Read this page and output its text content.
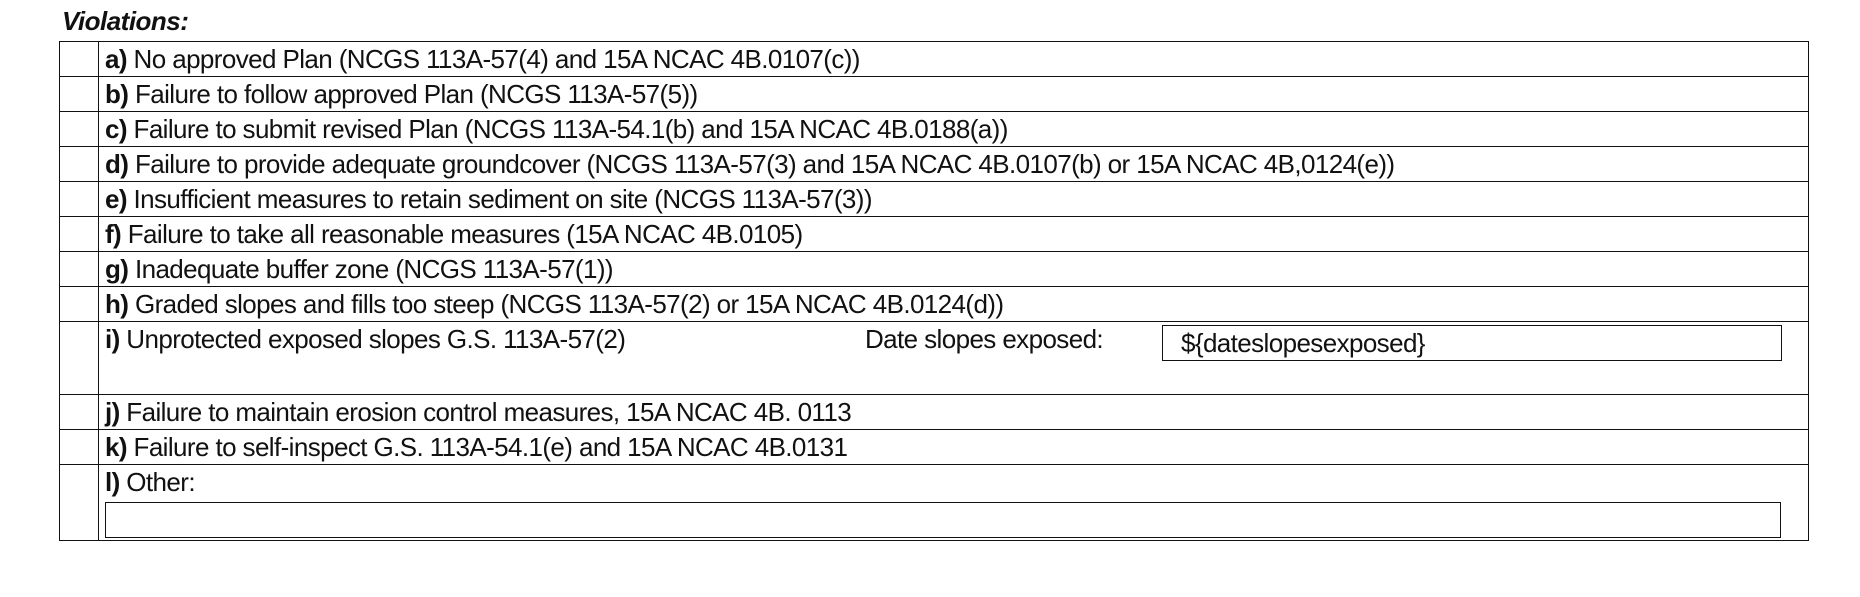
Violations:
	a) No approved Plan (NCGS 113A-57(4) and 15A NCAC 4B.0107(c))
	b) Failure to follow approved Plan (NCGS 113A-57(5))
	c) Failure to submit revised Plan (NCGS 113A-54.1(b) and 15A NCAC 4B.0188(a))
	d) Failure to provide adequate groundcover (NCGS 113A-57(3) and 15A NCAC 4B.0107(b) or 15A NCAC 4B,0124(e))
	e) Insufficient measures to retain sediment on site (NCGS 113A-57(3))
	f) Failure to take all reasonable measures (15A NCAC 4B.0105)
	g) Inadequate buffer zone (NCGS 113A-57(1))
	h) Graded slopes and fills too steep (NCGS 113A-57(2) or 15A NCAC 4B.0124(d))

	i) Unprotected exposed slopes G.S. 113A-57(2) Date slopes exposed: ${dateslopesexposed}

	j) Failure to maintain erosion control measures, 15A NCAC 4B. 0113
	k) Failure to self-inspect G.S. 113A-54.1(e) and 15A NCAC 4B.0131

	l) Other:
